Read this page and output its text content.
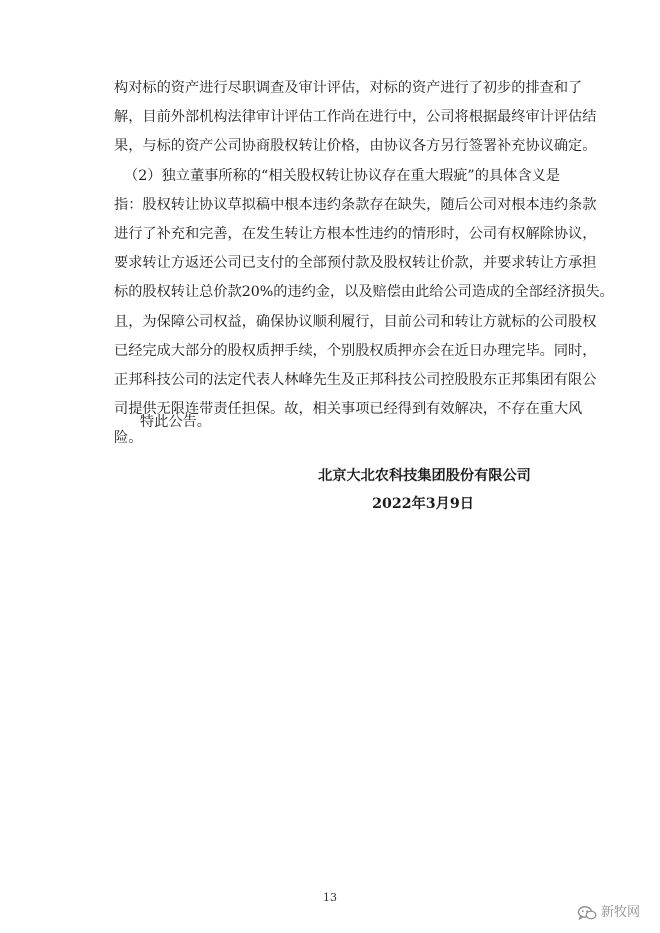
构对标的资产进行尽职调查及审计评估，对标的资产进行了初步的排查和了
解，目前外部机构法律审计评估工作尚在进行中，公司将根据最终审计评估结
果，与标的资产公司协商股权转让价格，由协议各方另行签署补充协议确定。
（2）独立董事所称的“相关股权转让协议存在重大瑕疵”的具体含义是
指：股权转让协议草拟稿中根本违约条款存在缺失，随后公司对根本违约条款
进行了补充和完善，在发生转让方根本性违约的情形时，公司有权解除协议，
要求转让方返还公司已支付的全部预付款及股权转让价款，并要求转让方承担
标的股权转让总价款20%的违约金，以及赔偿由此给公司造成的全部经济损失。
且，为保障公司权益，确保协议顺利履行，目前公司和转让方就标的公司股权
已经完成大部分的股权质押手续，个别股权质押亦会在近日办理完毕。同时，
正邦科技公司的法定代表人林峰先生及正邦科技公司控股股东正邦集团有限公
司提供无限连带责任担保。故，相关事项已经得到有效解决，不存在重大风
险。
特此公告。
北京大北农科技集团股份有限公司
2022年3月9日
13
新牧网
